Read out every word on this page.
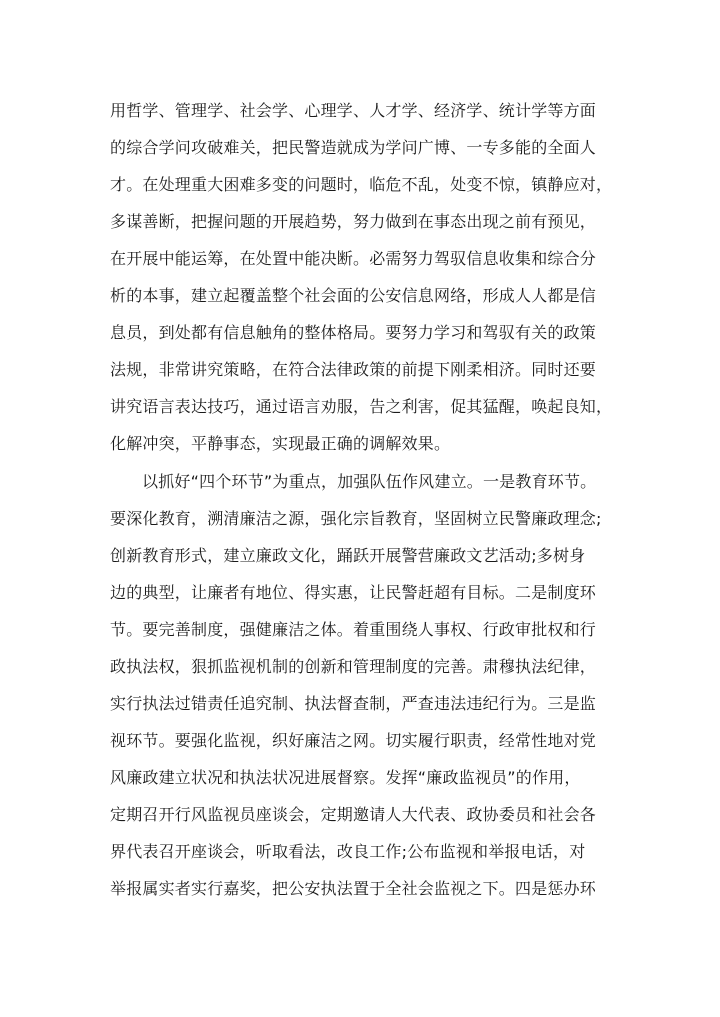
用哲学、管理学、社会学、心理学、人才学、经济学、统计学等方面
的综合学问攻破难关，把民警造就成为学问广博、一专多能的全面人
才。在处理重大困难多变的问题时，临危不乱，处变不惊，镇静应对，
多谋善断，把握问题的开展趋势，努力做到在事态出现之前有预见，
在开展中能运筹，在处置中能决断。必需努力驾驭信息收集和综合分
析的本事，建立起覆盖整个社会面的公安信息网络，形成人人都是信
息员，到处都有信息触角的整体格局。要努力学习和驾驭有关的政策
法规，非常讲究策略，在符合法律政策的前提下刚柔相济。同时还要
讲究语言表达技巧，通过语言劝服，告之利害，促其猛醒，唤起良知，
化解冲突，平静事态，实现最正确的调解效果。
以抓好“四个环节”为重点，加强队伍作风建立。一是教育环节。
要深化教育，溯清廉洁之源，强化宗旨教育，坚固树立民警廉政理念;
创新教育形式，建立廉政文化，踊跃开展警营廉政文艺活动;多树身
边的典型，让廉者有地位、得实惠，让民警赶超有目标。二是制度环
节。要完善制度，强健廉洁之体。着重围绕人事权、行政审批权和行
政执法权，狠抓监视机制的创新和管理制度的完善。肃穆执法纪律，
实行执法过错责任追究制、执法督查制，严查违法违纪行为。三是监
视环节。要强化监视，织好廉洁之网。切实履行职责，经常性地对党
风廉政建立状况和执法状况进展督察。发挥“廉政监视员”的作用，
定期召开行风监视员座谈会，定期邀请人大代表、政协委员和社会各
界代表召开座谈会，听取看法，改良工作;公布监视和举报电话，对
举报属实者实行嘉奖，把公安执法置于全社会监视之下。四是惩办环
